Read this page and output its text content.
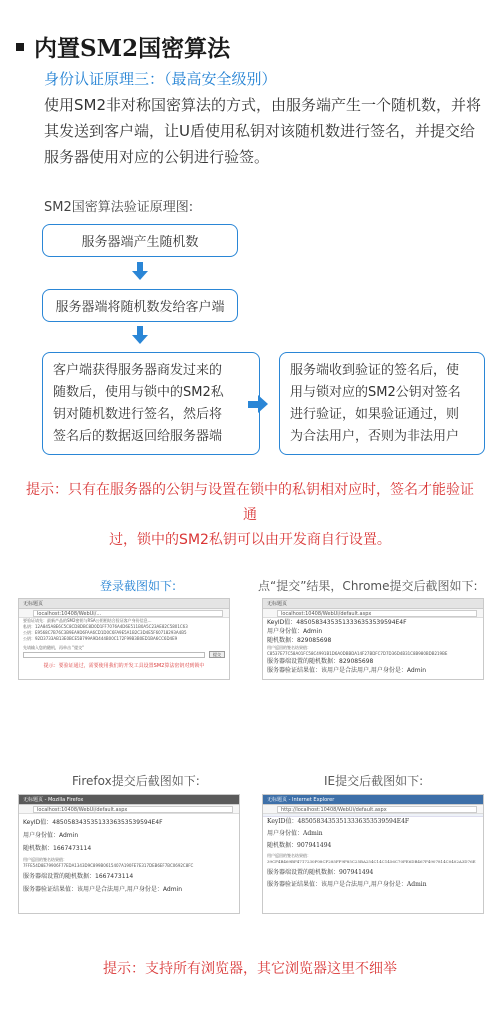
内置SM2国密算法
身份认证原理三：（最高安全级别）
使用SM2非对称国密算法的方式，由服务端产生一个随机数，并将其发送到客户端，让U盾使用私钥对该随机数进行签名，并提交给服务器使用对应的公钥进行验签。
SM2国密算法验证原理图:
服务器端产生随机数
服务器端将随机数发给客户端
客户端获得服务器商发过来的
随数后，使用与锁中的SM2私
钥对随机数进行签名，然后将
签名后的数据返回给服务器端
服务端收到验证的签名后，使
用与锁对应的SM2公钥对签名
进行验证，如果验证通过，则
为合法用户，否则为非法用户
提示：只有在服务器的公钥与设置在锁中的私钥相对应时，签名才能验证通
过，锁中的SM2私钥可以由开发商自行设置。
登录截图如下:	点“提交”结果，Chrome提交后截图如下:
无标题页
localhost:10408/WebUi/...
要验证请先：最新产品的SM2密钥与RSA公钥相结合验证客户身份信息...
私钥：12A845A8E6C5C8CD8DBC8D0D1FF7076A4D6E511B0A5C23AE82C5801C63
公钥：E9568C7B76C3B9EA9D6FAA6CD1D0C6FA9E5A1B2C3D4E5F60718293A4B5
公钥：92D3733AB13E0BCE5B799A9D444B00C172F99B3B0ED1BA6CC6D4E9
先请输入您的随机，再单击 "提交"
提交
提示：要验证通过，需要使用我们的开发工具设置SM2算法密钥对到锁中
无标题页
localhost:10408/WebUi/default.aspx
KeyID值：48505834353513336353539594E4F
用户身份值：Admin
随机数据：829085698
用户返回的签名结果值：
C8537E77C58A01FC58C4991B1D6A0DBBDA14F27BDFC7D7D36D4B31C8B980BDB219BE
服务器端设置的随机数据：829085698
服务器验证结果值：该用户是合法用户,用户身份是：Admin
Firefox提交后截图如下:	IE提交后截图如下:
无标题页 - Mozilla Firefox
localhost:10408/WebUi/default.aspx
KeyID值：48505834353513336353539594E4F
用户身份值：Admin
随机数据：1667473114
用户返回的签名结果值：
7FFE54D8E79906F77EDA1343D9C899B0615407A190FE7E317DEB6EF7BC0692C8FC
服务器端设置的随机数据：1667473114
服务器验证结果值：该用户是合法用户,用户身份是：Admin
无标题页 - Internet Explorer
http://localhost:10408/WebUi/default.aspx
KeyID值：48505834353513336353539594E4F
用户身份值：Admin
随机数据：907941494
用户返回的签名结果值：
39CF4B469BF4717230F08CF285FF9F85C25BA254C14C1456C70FE6DB467F4907814C0402A3D76E
服务器端设置的随机数据：907941494
服务器验证结果值：该用户是合法用户,用户身份是：Admin
提示：支持所有浏览器，其它浏览器这里不细举
